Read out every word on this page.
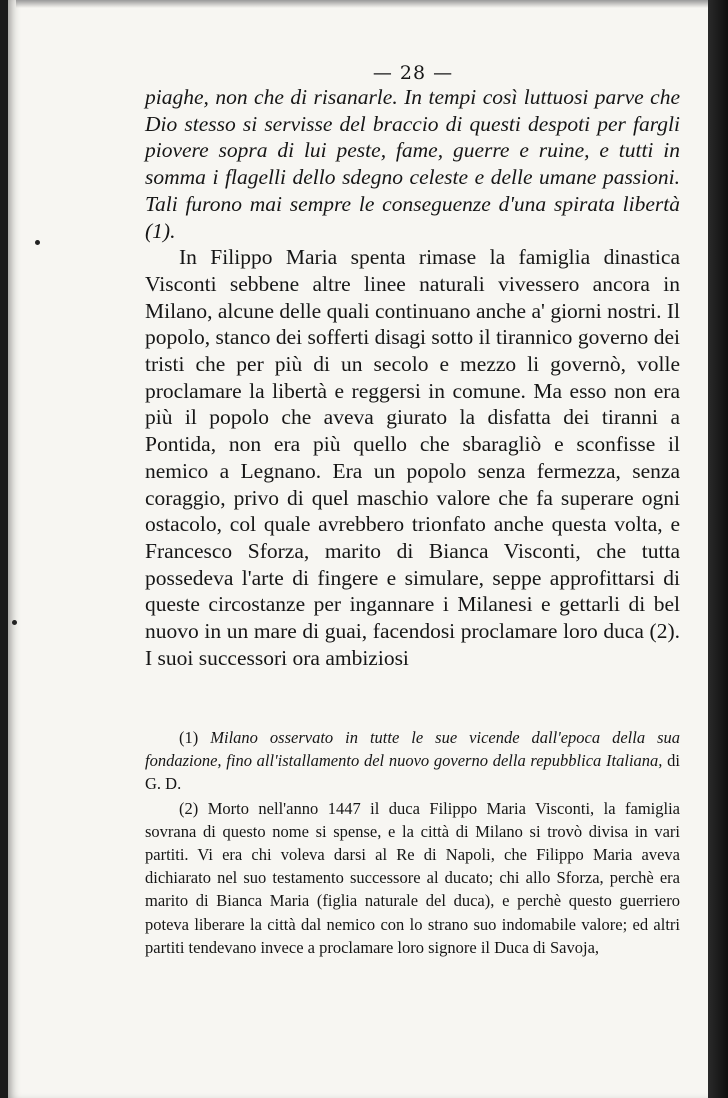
— 28 —

piaghe, non che di risanarle. In tempi così luttuosi parve che Dio stesso si servisse del braccio di questi despoti per fargli piovere sopra di lui peste, fame, guerre e ruine, e tutti in somma i flagelli dello sdegno celeste e delle umane passioni. Tali furono mai sempre le conseguenze d'una spirata libertà (1).

In Filippo Maria spenta rimase la famiglia dinastica Visconti sebbene altre linee naturali vivessero ancora in Milano, alcune delle quali continuano anche a' giorni nostri. Il popolo, stanco dei sofferti disagi sotto il tirannico governo dei tristi che per più di un secolo e mezzo li governò, volle proclamare la libertà e reggersi in comune. Ma esso non era più il popolo che aveva giurato la disfatta dei tiranni a Pontida, non era più quello che sbaragliò e sconfisse il nemico a Legnano. Era un popolo senza fermezza, senza coraggio, privo di quel maschio valore che fa superare ogni ostacolo, col quale avrebbero trionfato anche questa volta, e Francesco Sforza, marito di Bianca Visconti, che tutta possedeva l'arte di fingere e simulare, seppe approfittarsi di queste circostanze per ingannare i Milanesi e gettarli di bel nuovo in un mare di guai, facendosi proclamare loro duca (2). I suoi successori ora ambiziosi

(1) Milano osservato in tutte le sue vicende dall'epoca della sua fondazione, fino all'istallamento del nuovo governo della repubblica Italiana, di G. D.

(2) Morto nell'anno 1447 il duca Filippo Maria Visconti, la famiglia sovrana di questo nome si spense, e la città di Milano si trovò divisa in vari partiti. Vi era chi voleva darsi al Re di Napoli, che Filippo Maria aveva dichiarato nel suo testamento successore al ducato; chi allo Sforza, perchè era marito di Bianca Maria (figlia naturale del duca), e perchè questo guerriero poteva liberare la città dal nemico con lo strano suo indomabile valore; ed altri partiti tendevano invece a proclamare loro signore il Duca di Savoja,
